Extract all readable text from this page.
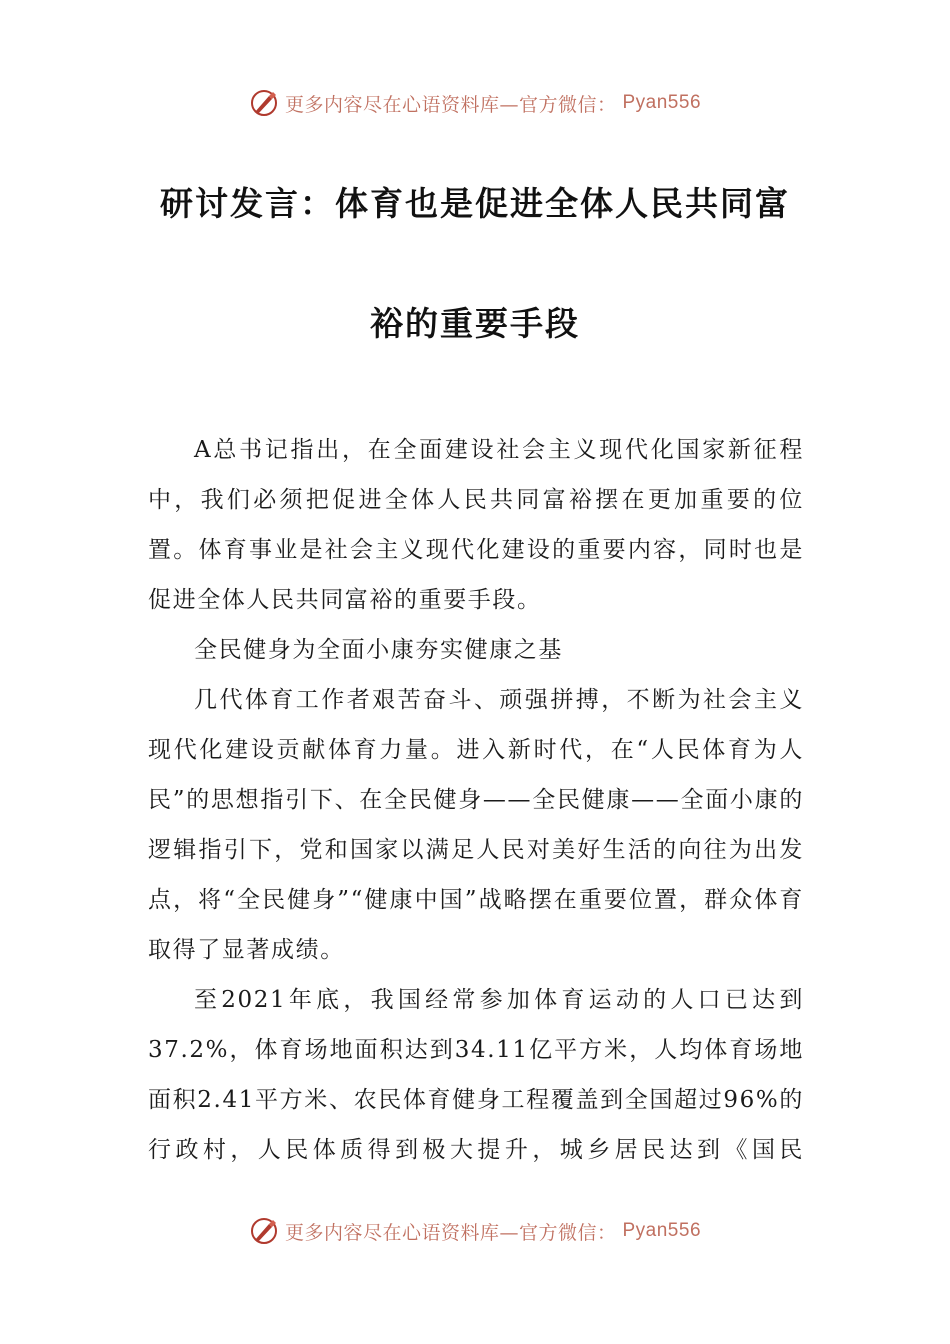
更多内容尽在心语资料库—官方微信： Pyan556
研讨发言：体育也是促进全体人民共同富
裕的重要手段

A总书记指出，在全面建设社会主义现代化国家新征程中，我们必须把促进全体人民共同富裕摆在更加重要的位置。体育事业是社会主义现代化建设的重要内容，同时也是促进全体人民共同富裕的重要手段。

全民健身为全面小康夯实健康之基

几代体育工作者艰苦奋斗、顽强拼搏，不断为社会主义现代化建设贡献体育力量。进入新时代，在“人民体育为人民”的思想指引下、在全民健身——全民健康——全面小康的逻辑指引下，党和国家以满足人民对美好生活的向往为出发点，将“全民健身”“健康中国”战略摆在重要位置，群众体育取得了显著成绩。

至2021年底，我国经常参加体育运动的人口已达到37.2%，体育场地面积达到34.11亿平方米，人均体育场地面积2.41平方米、农民体育健身工程覆盖到全国超过96%的行政村，人民体质得到极大提升，城乡居民达到《国民

更多内容尽在心语资料库—官方微信： Pyan556
